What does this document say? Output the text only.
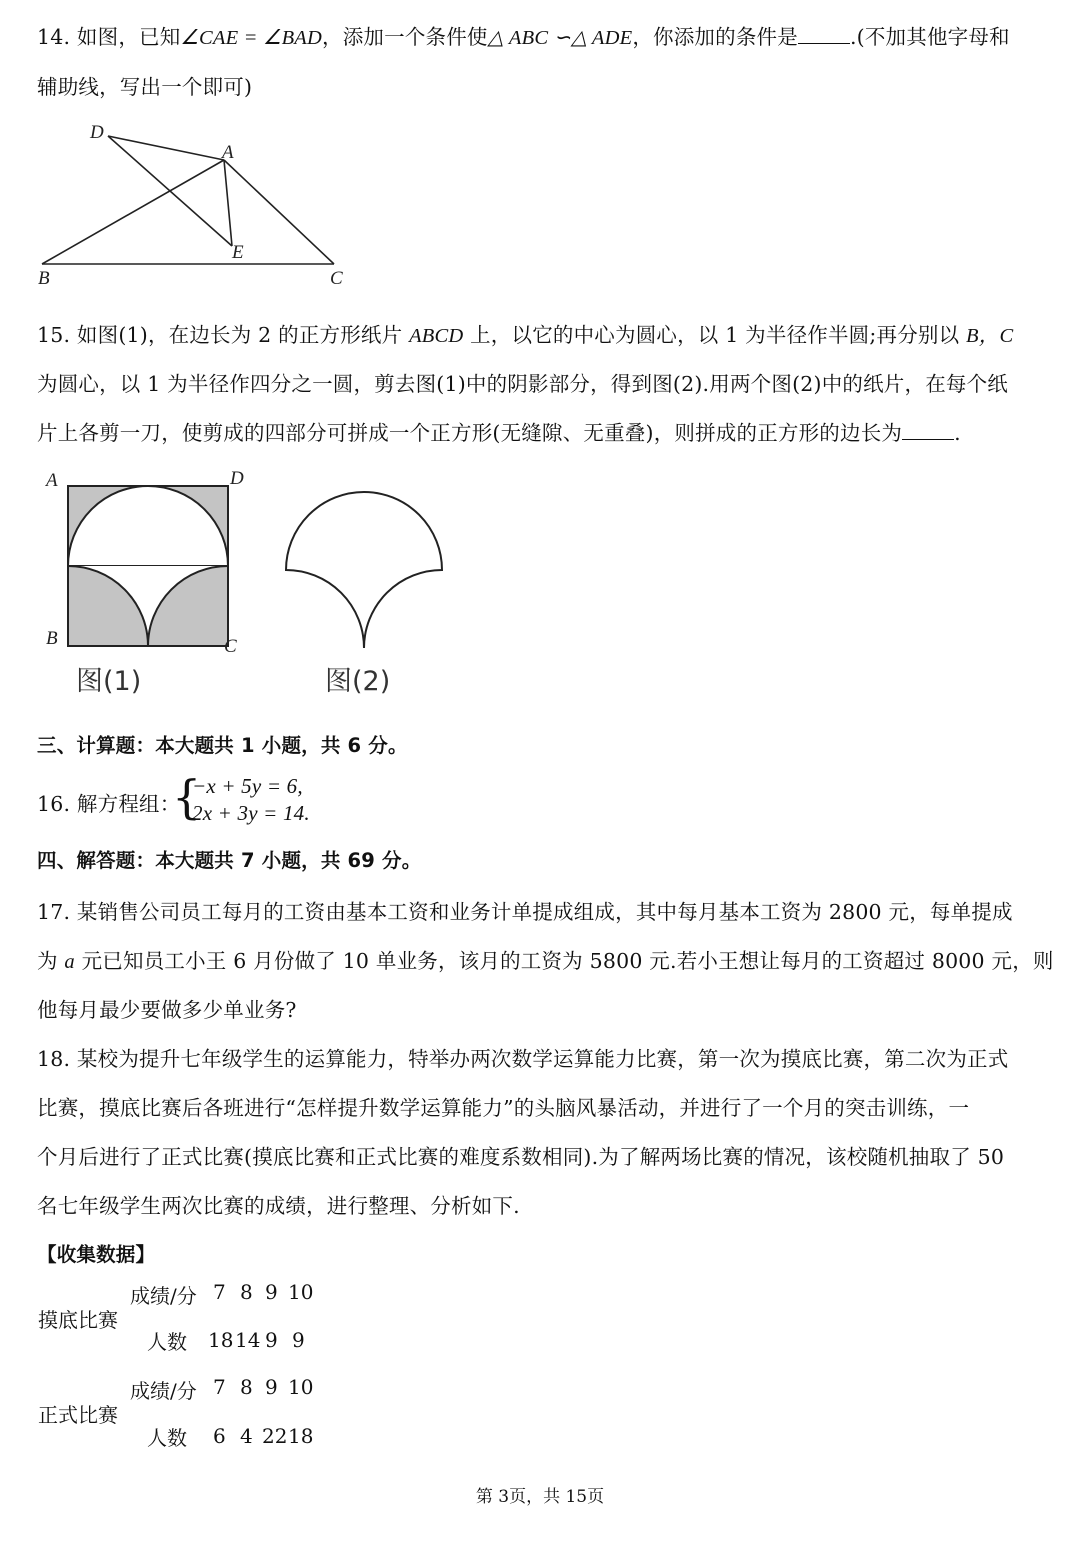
14. 如图，已知∠CAE = ∠BAD，添加一个条件使△ ABC ∽△ ADE，你添加的条件是	.(不加其他字母和
辅助线，写出一个即可)
D
A
E
B	C
15. 如图(1)，在边长为 2 的正方形纸片 ABCD 上，以它的中心为圆心，以 1 为半径作半圆;再分别以 B，C
为圆心，以 1 为半径作四分之一圆，剪去图(1)中的阴影部分，得到图(2).用两个图(2)中的纸片，在每个纸
片上各剪一刀，使剪成的四部分可拼成一个正方形(无缝隙、无重叠)，则拼成的正方形的边长为	.
A	D
B	C
图(1)	图(2)
三、计算题：本大题共 1 小题，共 6 分。
16. 解方程组：
{
−x + 5y = 6,
2x + 3y = 14.
四、解答题：本大题共 7 小题，共 69 分。
17. 某销售公司员工每月的工资由基本工资和业务计单提成组成，其中每月基本工资为 2800 元，每单提成
为 a 元已知员工小王 6 月份做了 10 单业务，该月的工资为 5800 元.若小王想让每月的工资超过 8000 元，则
他每月最少要做多少单业务?
18. 某校为提升七年级学生的运算能力，特举办两次数学运算能力比赛，第一次为摸底比赛，第二次为正式
比赛，摸底比赛后各班进行“怎样提升数学运算能力”的头脑风暴活动，并进行了一个月的突击训练，一
个月后进行了正式比赛(摸底比赛和正式比赛的难度系数相同).为了解两场比赛的情况，该校随机抽取了 50
名七年级学生两次比赛的成绩，进行整理、分析如下.
【收集数据】
摸底比赛
成绩/分 7 8 9 10
人数 18 14 9 9
正式比赛
成绩/分 7 8 9 10
人数 6 4 22 18
第 3页，共 15页
